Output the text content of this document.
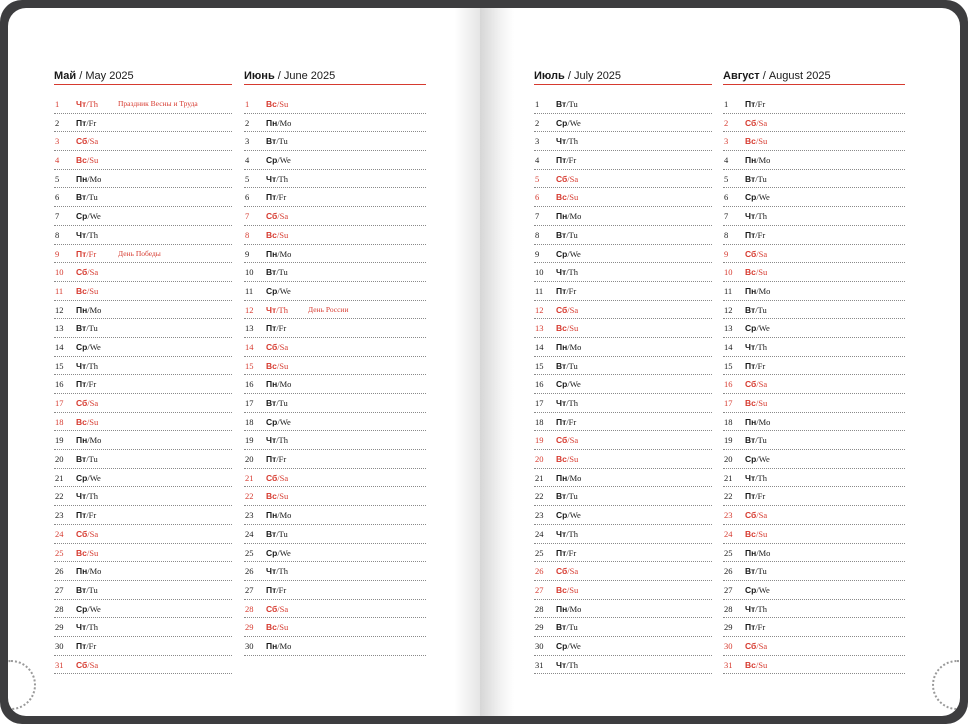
Май / May 2025
1 Чт/Th	Праздник Весны и Труда
2 Пт/Fr
3 Сб/Sa
4 Вс/Su
5 Пн/Mo
6 Вт/Tu
7 Ср/We
8 Чт/Th
9 Пт/Fr	День Победы
10 Сб/Sa
11 Вс/Su
12 Пн/Mo
13 Вт/Tu
14 Ср/We
15 Чт/Th
16 Пт/Fr
17 Сб/Sa
18 Вс/Su
19 Пн/Mo
20 Вт/Tu
21 Ср/We
22 Чт/Th
23 Пт/Fr
24 Сб/Sa
25 Вс/Su
26 Пн/Mo
27 Вт/Tu
28 Ср/We
29 Чт/Th
30 Пт/Fr
31 Сб/Sa
Июнь / June 2025
1 Вс/Su
2 Пн/Mo
3 Вт/Tu
4 Ср/We
5 Чт/Th
6 Пт/Fr
7 Сб/Sa
8 Вс/Su
9 Пн/Mo
10 Вт/Tu
11 Ср/We
12 Чт/Th	День России
13 Пт/Fr
14 Сб/Sa
15 Вс/Su
16 Пн/Mo
17 Вт/Tu
18 Ср/We
19 Чт/Th
20 Пт/Fr
21 Сб/Sa
22 Вс/Su
23 Пн/Mo
24 Вт/Tu
25 Ср/We
26 Чт/Th
27 Пт/Fr
28 Сб/Sa
29 Вс/Su
30 Пн/Mo
Июль / July 2025
1 Вт/Tu
2 Ср/We
3 Чт/Th
4 Пт/Fr
5 Сб/Sa
6 Вс/Su
7 Пн/Mo
8 Вт/Tu
9 Ср/We
10 Чт/Th
11 Пт/Fr
12 Сб/Sa
13 Вс/Su
14 Пн/Mo
15 Вт/Tu
16 Ср/We
17 Чт/Th
18 Пт/Fr
19 Сб/Sa
20 Вс/Su
21 Пн/Mo
22 Вт/Tu
23 Ср/We
24 Чт/Th
25 Пт/Fr
26 Сб/Sa
27 Вс/Su
28 Пн/Mo
29 Вт/Tu
30 Ср/We
31 Чт/Th
Август / August 2025
1 Пт/Fr
2 Сб/Sa
3 Вс/Su
4 Пн/Mo
5 Вт/Tu
6 Ср/We
7 Чт/Th
8 Пт/Fr
9 Сб/Sa
10 Вс/Su
11 Пн/Mo
12 Вт/Tu
13 Ср/We
14 Чт/Th
15 Пт/Fr
16 Сб/Sa
17 Вс/Su
18 Пн/Mo
19 Вт/Tu
20 Ср/We
21 Чт/Th
22 Пт/Fr
23 Сб/Sa
24 Вс/Su
25 Пн/Mo
26 Вт/Tu
27 Ср/We
28 Чт/Th
29 Пт/Fr
30 Сб/Sa
31 Вс/Su
